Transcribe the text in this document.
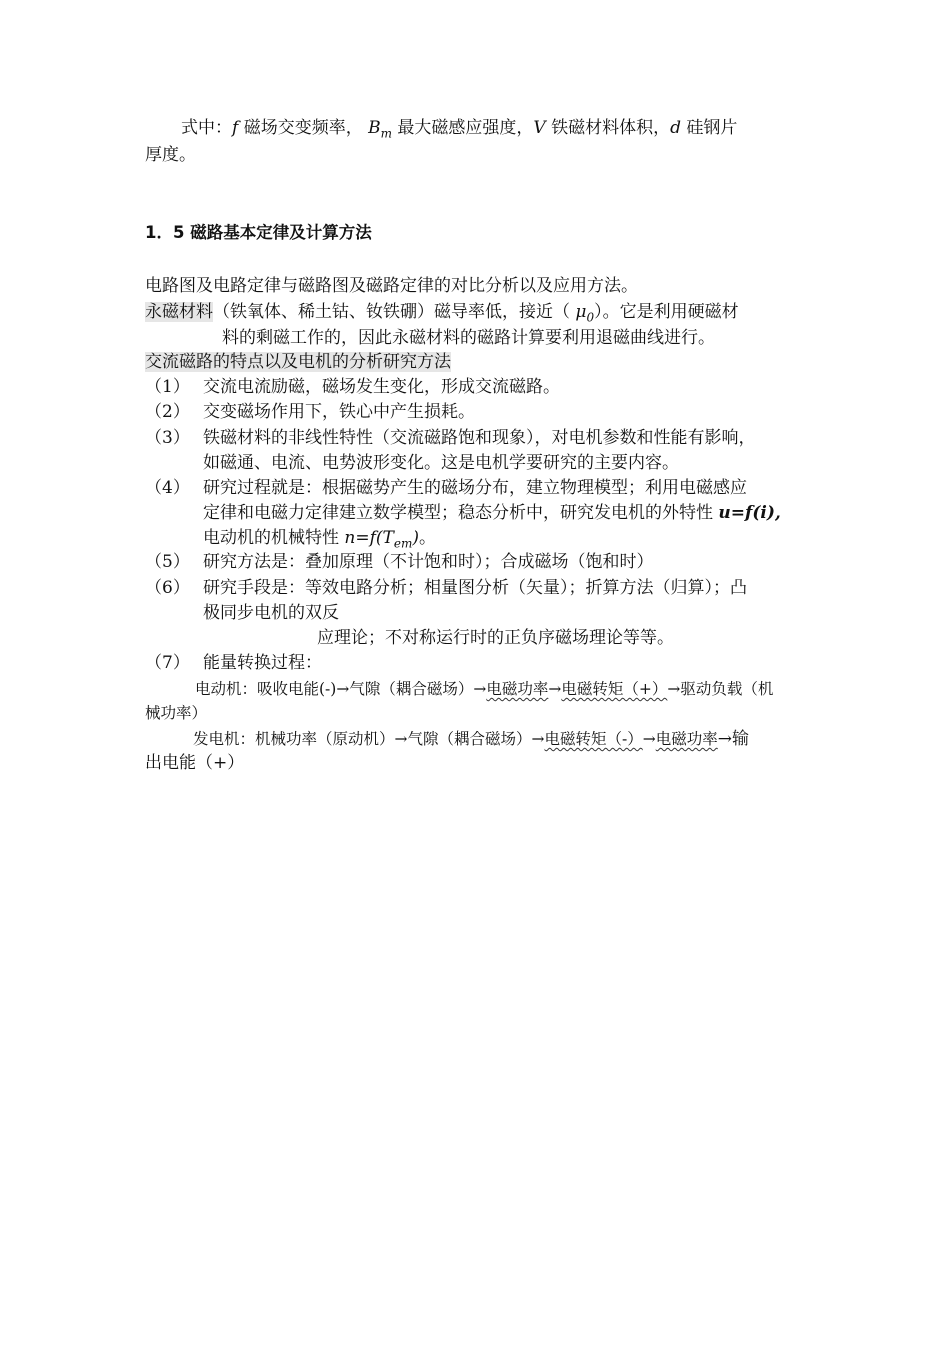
式中：f 磁场交变频率， $B_m$ 最大磁感应强度，V 铁磁材料体积，d 硅钢片
厚度。
1．5 磁路基本定律及计算方法
电路图及电路定律与磁路图及磁路定律的对比分析以及应用方法。
永磁材料（铁氧体、稀土钴、钕铁硼）磁导率低，接近（ $\mu_0$）。它是利用硬磁材
料的剩磁工作的，因此永磁材料的磁路计算要利用退磁曲线进行。
交流磁路的特点以及电机的分析研究方法
（1） 交流电流励磁，磁场发生变化，形成交流磁路。
（2） 交变磁场作用下，铁心中产生损耗。
（3） 铁磁材料的非线性特性（交流磁路饱和现象），对电机参数和性能有影响，
如磁通、电流、电势波形变化。这是电机学要研究的主要内容。
（4） 研究过程就是：根据磁势产生的磁场分布，建立物理模型；利用电磁感应
定律和电磁力定律建立数学模型；稳态分析中，研究发电机的外特性 u=f(i),
电动机的机械特性 $n=f(T_{em})$。
（5） 研究方法是：叠加原理（不计饱和时）；合成磁场（饱和时）
（6） 研究手段是：等效电路分析；相量图分析（矢量）；折算方法（归算）；凸
极同步电机的双反
应理论；不对称运行时的正负序磁场理论等等。
（7） 能量转换过程：
电动机：吸收电能(-)→气隙（耦合磁场）→电磁功率→电磁转矩（+）→驱动负载（机
械功率）
发电机：机械功率（原动机）→气隙（耦合磁场）→电磁转矩（-）→电磁功率→输
出电能（+）
